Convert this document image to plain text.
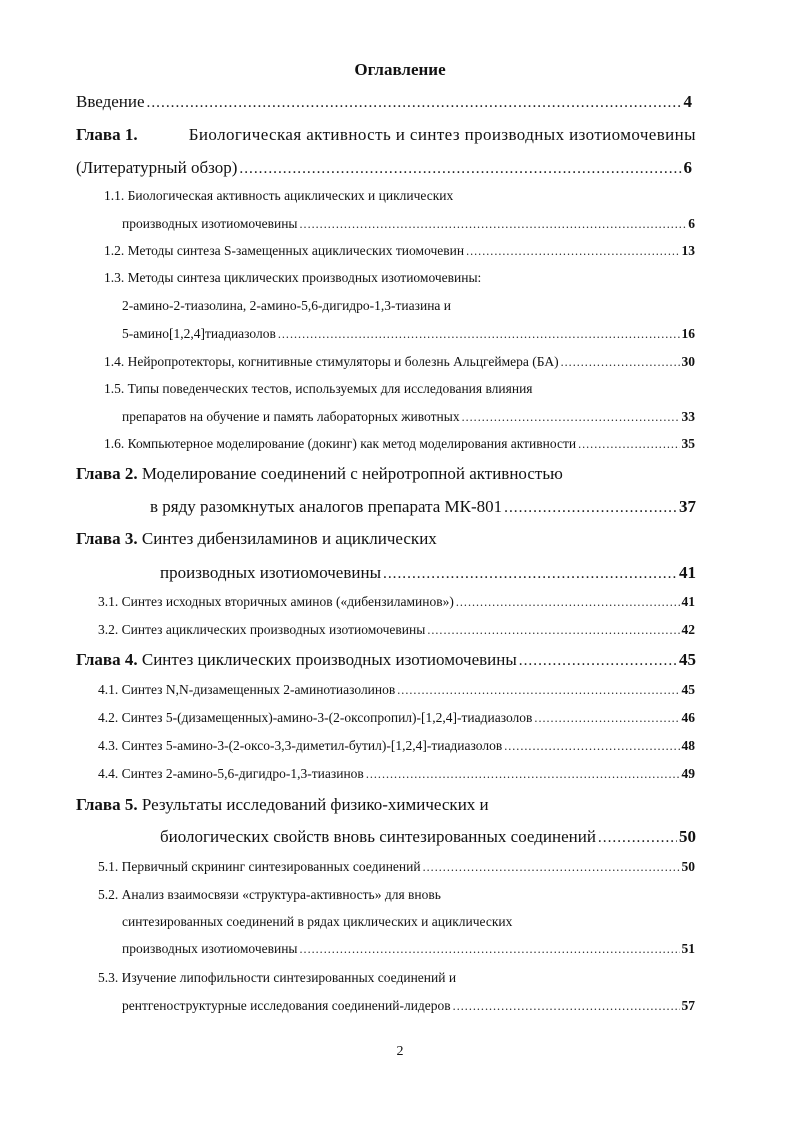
Оглавление
Введение .....	4
Глава 1.	Биологическая активность и синтез производных изотиомочевины
(Литературный обзор) .....	6
1.1. Биологическая активность ациклических и циклических
производных изотиомочевины .....	6
1.2. Методы синтеза S-замещенных ациклических тиомочевин .....	13
1.3. Методы синтеза циклических производных изотиомочевины:
2-амино-2-тиазолина, 2-амино-5,6-дигидро-1,3-тиазина и
5-амино[1,2,4]тиадиазолов .....	16
1.4. Нейропротекторы, когнитивные стимуляторы и болезнь Альцгеймера (БА) .....	30
1.5. Типы поведенческих тестов, используемых для исследования влияния
препаратов на обучение и память лабораторных животных .....	33
1.6. Компьютерное моделирование (докинг) как метод моделирования активности .....	35
Глава 2. Моделирование соединений с нейротропной активностью
в ряду разомкнутых аналогов препарата МК-801 .....	37
Глава 3. Синтез дибензиламинов и ациклических
производных изотиомочевины .....	41
3.1. Синтез исходных вторичных аминов («дибензиламинов») .....	41
3.2. Синтез ациклических производных изотиомочевины .....	42
Глава 4. Синтез циклических производных изотиомочевины .....	45
4.1. Синтез N,N-дизамещенных 2-аминотиазолинов .....	45
4.2. Синтез 5-(дизамещенных)-амино-3-(2-оксопропил)-[1,2,4]-тиадиазолов .....	46
4.3. Синтез 5-амино-3-(2-оксо-3,3-диметил-бутил)-[1,2,4]-тиадиазолов .....	48
4.4. Синтез 2-амино-5,6-дигидро-1,3-тиазинов .....	49
Глава 5. Результаты исследований физико-химических и
биологических свойств вновь синтезированных соединений .....	50
5.1. Первичный скрининг синтезированных соединений .....	50
5.2. Анализ взаимосвязи «структура-активность» для вновь
синтезированных соединений в рядах циклических и ациклических
производных изотиомочевины .....	51
5.3. Изучение липофильности синтезированных соединений и
рентгеноструктурные исследования соединений-лидеров .....	57
2
